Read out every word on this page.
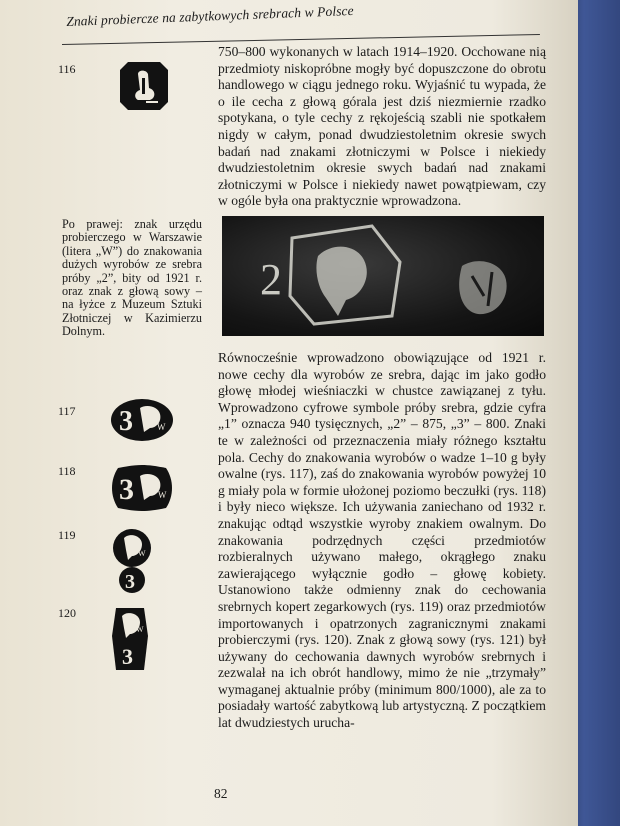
Znaki probiercze na zabytkowych srebrach w Polsce
116
117 3	W
118
3	W
119
W
3
120
W
3
Po prawej: znak urzędu probierczego w Warszawie (litera „W”) do znakowania dużych wyrobów ze srebra próby „2”, bity od 1921 r. oraz znak z głową sowy – na łyżce z Muzeum Sztuki Złotniczej w Kazimierzu Dolnym.

750–800 wykonanych w latach 1914–1920. Occhowane nią przedmioty niskopróbne mogły być dopuszczone do obrotu handlowego w ciągu jednego roku. Wyjaśnić tu wypada, że o ile cecha z głową górala jest dziś niezmiernie rzadko spotykana, o tyle cechy z rękojeścią szabli nie spotkałem nigdy w całym, ponad dwudziestoletnim okresie swych badań nad znakami złotniczymi w Polsce i niekiedy dwudziestoletnim okresie swych badań nad znakami złotniczymi w Polsce i niekiedy nawet powątpiewam, czy w ogóle była ona praktycznie wprowadzona.

2

Równocześnie wprowadzono obowiązujące od 1921 r. nowe cechy dla wyrobów ze srebra, dając im jako godło głowę młodej wieśniaczki w chustce zawiązanej z tyłu. Wprowadzono cyfrowe symbole próby srebra, gdzie cyfra „1” oznacza 940 tysięcznych, „2” – 875, „3” – 800. Znaki te w zależności od przeznaczenia miały różnego kształtu pola. Cechy do znakowania wyrobów o wadze 1–10 g były owalne (rys. 117), zaś do znakowania wyrobów powyżej 10 g miały pola w formie ułożonej poziomo beczułki (rys. 118) i były nieco większe. Ich używania zaniechano od 1932 r. znakując odtąd wszystkie wyroby znakiem owalnym. Do znakowania podrzędnych części przedmiotów rozbieralnych używano małego, okrągłego znaku zawierającego wyłącznie godło – głowę kobiety. Ustanowiono także odmienny znak do cechowania srebrnych kopert zegarkowych (rys. 119) oraz przedmiotów importowanych i opatrzonych zagranicznymi znakami probierczymi (rys. 120). Znak z głową sowy (rys. 121) był używany do cechowania dawnych wyrobów srebrnych i zezwalał na ich obrót handlowy, mimo że nie „trzymały” wymaganej aktualnie próby (minimum 800/1000), ale za to posiadały wartość zabytkową lub artystyczną. Z początkiem lat dwudziestych urucha-

82
